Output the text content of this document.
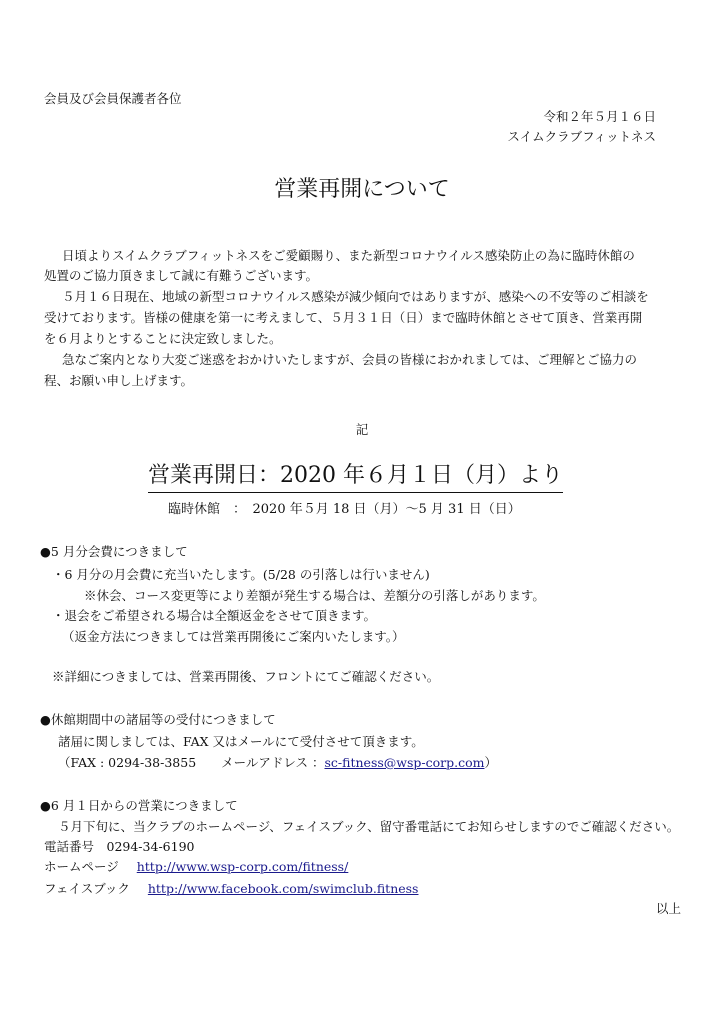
会員及び会員保護者各位
令和２年５月１６日
スイムクラブフィットネス
営業再開について
日頃よりスイムクラブフィットネスをご愛顧賜り、また新型コロナウイルス感染防止の為に臨時休館の
処置のご協力頂きまして誠に有難うございます。
５月１６日現在、地域の新型コロナウイルス感染が減少傾向ではありますが、感染への不安等のご相談を
受けております。皆様の健康を第一に考えまして、５月３１日（日）まで臨時休館とさせて頂き、営業再開
を６月よりとすることに決定致しました。
急なご案内となり大変ご迷惑をおかけいたしますが、会員の皆様におかれましては、ご理解とご協力の
程、お願い申し上げます。
記
営業再開日：2020 年６月１日（月）より
臨時休館　：　2020 年５月 18 日（月）～5 月 31 日（日）
●5 月分会費につきまして
・6 月分の月会費に充当いたします。(5/28 の引落しは行いません)
※休会、コース変更等により差額が発生する場合は、差額分の引落しがあります。
・退会をご希望される場合は全額返金をさせて頂きます。
（返金方法につきましては営業再開後にご案内いたします。）
※詳細につきましては、営業再開後、フロントにてご確認ください。
●休館期間中の諸届等の受付につきまして
諸届に関しましては、FAX 又はメールにて受付させて頂きます。
（FAX : 0294-38-3855　　メールアドレス ：sc-fitness@wsp-corp.com）
●6 月１日からの営業につきまして
５月下旬に、当クラブのホームページ、フェイスブック、留守番電話にてお知らせしますのでご確認ください。
電話番号　0294-34-6190
ホームページ http://www.wsp-corp.com/fitness/
フェイスブック http://www.facebook.com/swimclub.fitness
以上
